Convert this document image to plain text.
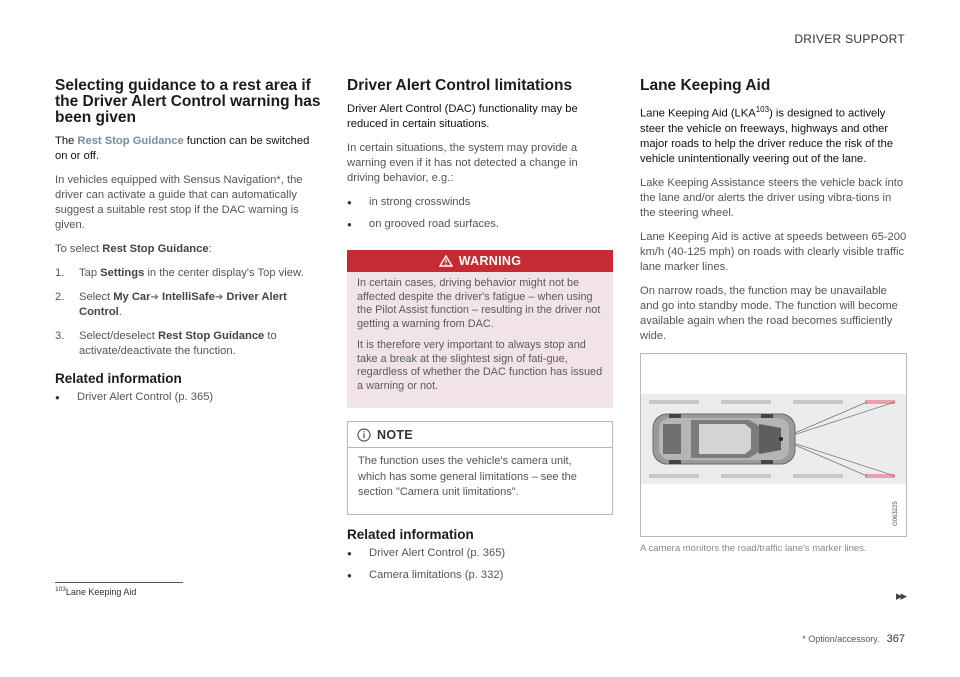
DRIVER SUPPORT
Selecting guidance to a rest area if the Driver Alert Control warning has been given

The Rest Stop Guidance function can be switched on or off.

In vehicles equipped with Sensus Navigation*, the driver can activate a guide that can automatically suggest a suitable rest stop if the DAC warning is given.

To select Rest Stop Guidance:

1.	Tap Settings in the center display's Top view.
2.	Select My Car➔ IntelliSafe➔ Driver Alert Control.
3.	Select/deselect Rest Stop Guidance to activate/deactivate the function.
Related information
●	Driver Alert Control (p. 365)
Driver Alert Control limitations

Driver Alert Control (DAC) functionality may be reduced in certain situations.

In certain situations, the system may provide a warning even if it has not detected a change in driving behavior, e.g.:

●	in strong crosswinds
●	on grooved road surfaces.
WARNING

In certain cases, driving behavior might not be affected despite the driver's fatigue – when using the Pilot Assist function – resulting in the driver not getting a warning from DAC.

It is therefore very important to always stop and take a break at the slightest sign of fati-gue, regardless of whether the DAC function has issued a warning or not.

NOTE

The function uses the vehicle's camera unit, which has some general limitations – see the section "Camera unit limitations".

Related information
●	Driver Alert Control (p. 365)
●	Camera limitations (p. 332)
Lane Keeping Aid

Lane Keeping Aid (LKA$^{103}$) is designed to actively steer the vehicle on freeways, highways and other major roads to help the driver reduce the risk of the vehicle unintentionally veering out of the lane.

Lake Keeping Assistance steers the vehicle back into the lane and/or alerts the driver using vibra-tions in the steering wheel.

Lane Keeping Aid is active at speeds between 65-200 km/h (40-125 mph) on roads with clearly visible traffic lane marker lines.

On narrow roads, the function may be unavailable and go into standby mode. The function will become available again when the road becomes sufficiently wide.

G063225
A camera monitors the road/traffic lane's marker lines.
$^{103}$Lane Keeping Aid	▸▸
* Option/accessory. 367
